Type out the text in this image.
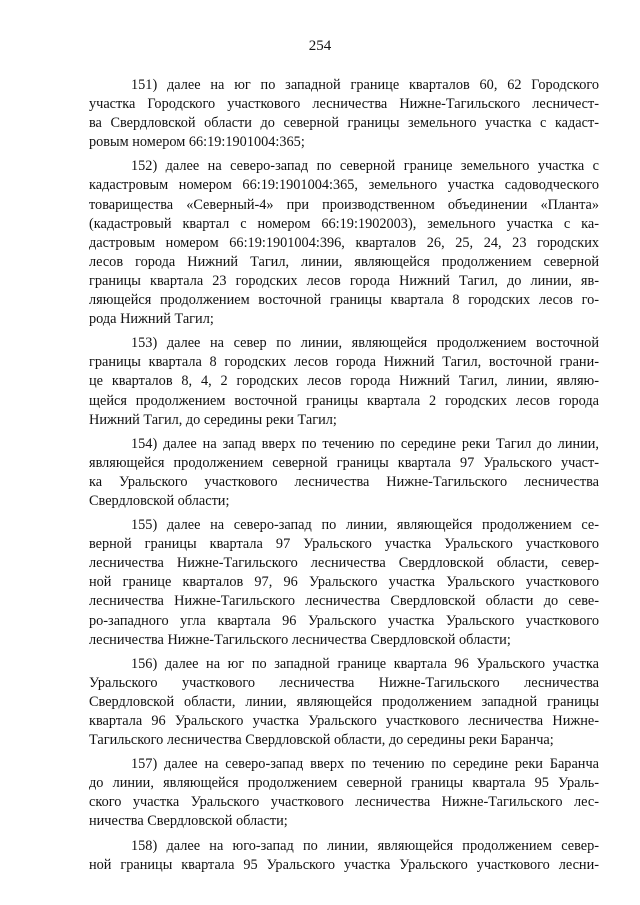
254
151) далее на юг по западной границе кварталов 60, 62 Городского
участка Городского участкового лесничества Нижне-Тагильского лесничест-
ва Свердловской области до северной границы земельного участка с кадаст-
ровым номером 66:19:1901004:365;
152) далее на северо-запад по северной границе земельного участка с
кадастровым номером 66:19:1901004:365, земельного участка садоводческого
товарищества «Северный-4» при производственном объединении «Планта»
(кадастровый квартал с номером 66:19:1902003), земельного участка с ка-
дастровым номером 66:19:1901004:396, кварталов 26, 25, 24, 23 городских
лесов города Нижний Тагил, линии, являющейся продолжением северной
границы квартала 23 городских лесов города Нижний Тагил, до линии, яв-
ляющейся продолжением восточной границы квартала 8 городских лесов го-
рода Нижний Тагил;
153) далее на север по линии, являющейся продолжением восточной
границы квартала 8 городских лесов города Нижний Тагил, восточной грани-
це кварталов 8, 4, 2 городских лесов города Нижний Тагил, линии, являю-
щейся продолжением восточной границы квартала 2 городских лесов города
Нижний Тагил, до середины реки Тагил;
154) далее на запад вверх по течению по середине реки Тагил до линии,
являющейся продолжением северной границы квартала 97 Уральского участ-
ка Уральского участкового лесничества Нижне-Тагильского лесничества
Свердловской области;
155) далее на северо-запад по линии, являющейся продолжением се-
верной границы квартала 97 Уральского участка Уральского участкового
лесничества Нижне-Тагильского лесничества Свердловской области, север-
ной границе кварталов 97, 96 Уральского участка Уральского участкового
лесничества Нижне-Тагильского лесничества Свердловской области до севе-
ро-западного угла квартала 96 Уральского участка Уральского участкового
лесничества Нижне-Тагильского лесничества Свердловской области;
156) далее на юг по западной границе квартала 96 Уральского участка
Уральского участкового лесничества Нижне-Тагильского лесничества
Свердловской области, линии, являющейся продолжением западной границы
квартала 96 Уральского участка Уральского участкового лесничества Нижне-
Тагильского лесничества Свердловской области, до середины реки Баранча;
157) далее на северо-запад вверх по течению по середине реки Баранча
до линии, являющейся продолжением северной границы квартала 95 Ураль-
ского участка Уральского участкового лесничества Нижне-Тагильского лес-
ничества Свердловской области;
158) далее на юго-запад по линии, являющейся продолжением север-
ной границы квартала 95 Уральского участка Уральского участкового лесни-
